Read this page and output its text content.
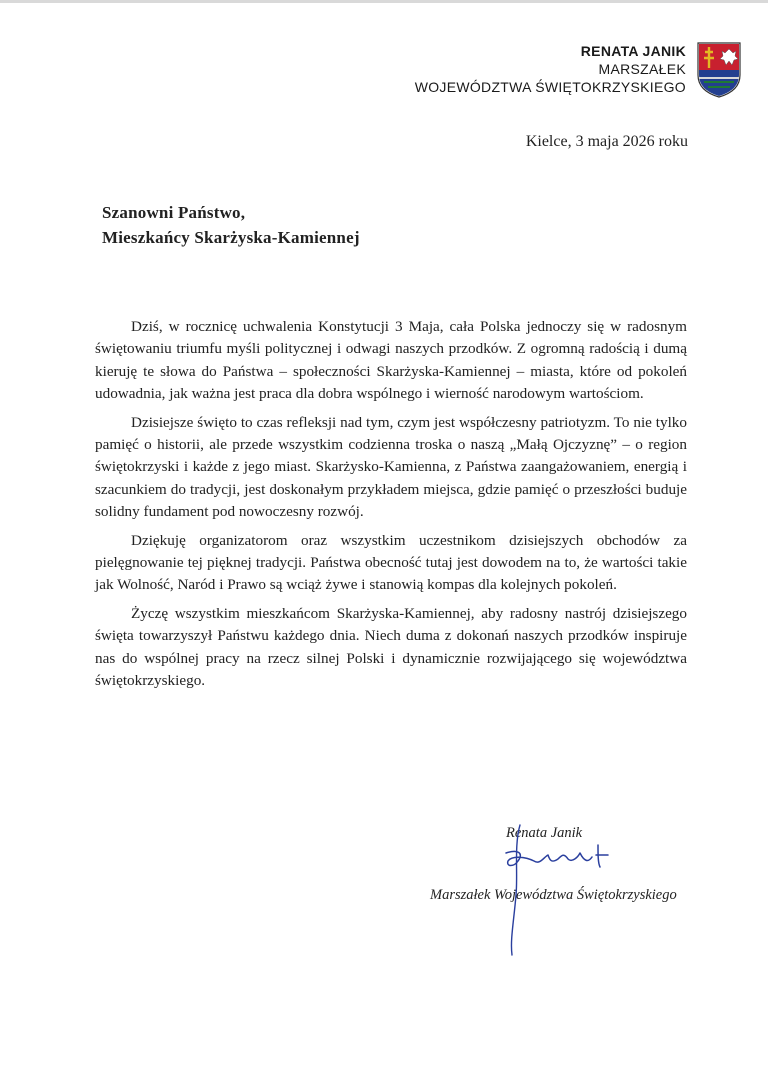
RENATA JANIK
MARSZAŁEK
WOJEWÓDZTWA ŚWIĘTOKRZYSKIEGO
Kielce, 3 maja 2026 roku
Szanowni Państwo,
Mieszkańcy Skarżyska-Kamiennej

Dziś, w rocznicę uchwalenia Konstytucji 3 Maja, cała Polska jednoczy się w radosnym świętowaniu triumfu myśli politycznej i odwagi naszych przodków. Z ogromną radością i dumą kieruję te słowa do Państwa – społeczności Skarżyska-Kamiennej – miasta, które od pokoleń udowadnia, jak ważna jest praca dla dobra wspólnego i wierność narodowym wartościom.

Dzisiejsze święto to czas refleksji nad tym, czym jest współczesny patriotyzm. To nie tylko pamięć o historii, ale przede wszystkim codzienna troska o naszą „Małą Ojczyznę” – o region świętokrzyski i każde z jego miast. Skarżysko-Kamienna, z Państwa zaangażowaniem, energią i szacunkiem do tradycji, jest doskonałym przykładem miejsca, gdzie pamięć o przeszłości buduje solidny fundament pod nowoczesny rozwój.

Dziękuję organizatorom oraz wszystkim uczestnikom dzisiejszych obchodów za pielęgnowanie tej pięknej tradycji. Państwa obecność tutaj jest dowodem na to, że wartości takie jak Wolność, Naród i Prawo są wciąż żywe i stanowią kompas dla kolejnych pokoleń.

Życzę wszystkim mieszkańcom Skarżyska-Kamiennej, aby radosny nastrój dzisiejszego święta towarzyszył Państwu każdego dnia. Niech duma z dokonań naszych przodków inspiruje nas do wspólnej pracy na rzecz silnej Polski i dynamicznie rozwijającego się województwa świętokrzyskiego.

Renata Janik
Marszałek Województwa Świętokrzyskiego
